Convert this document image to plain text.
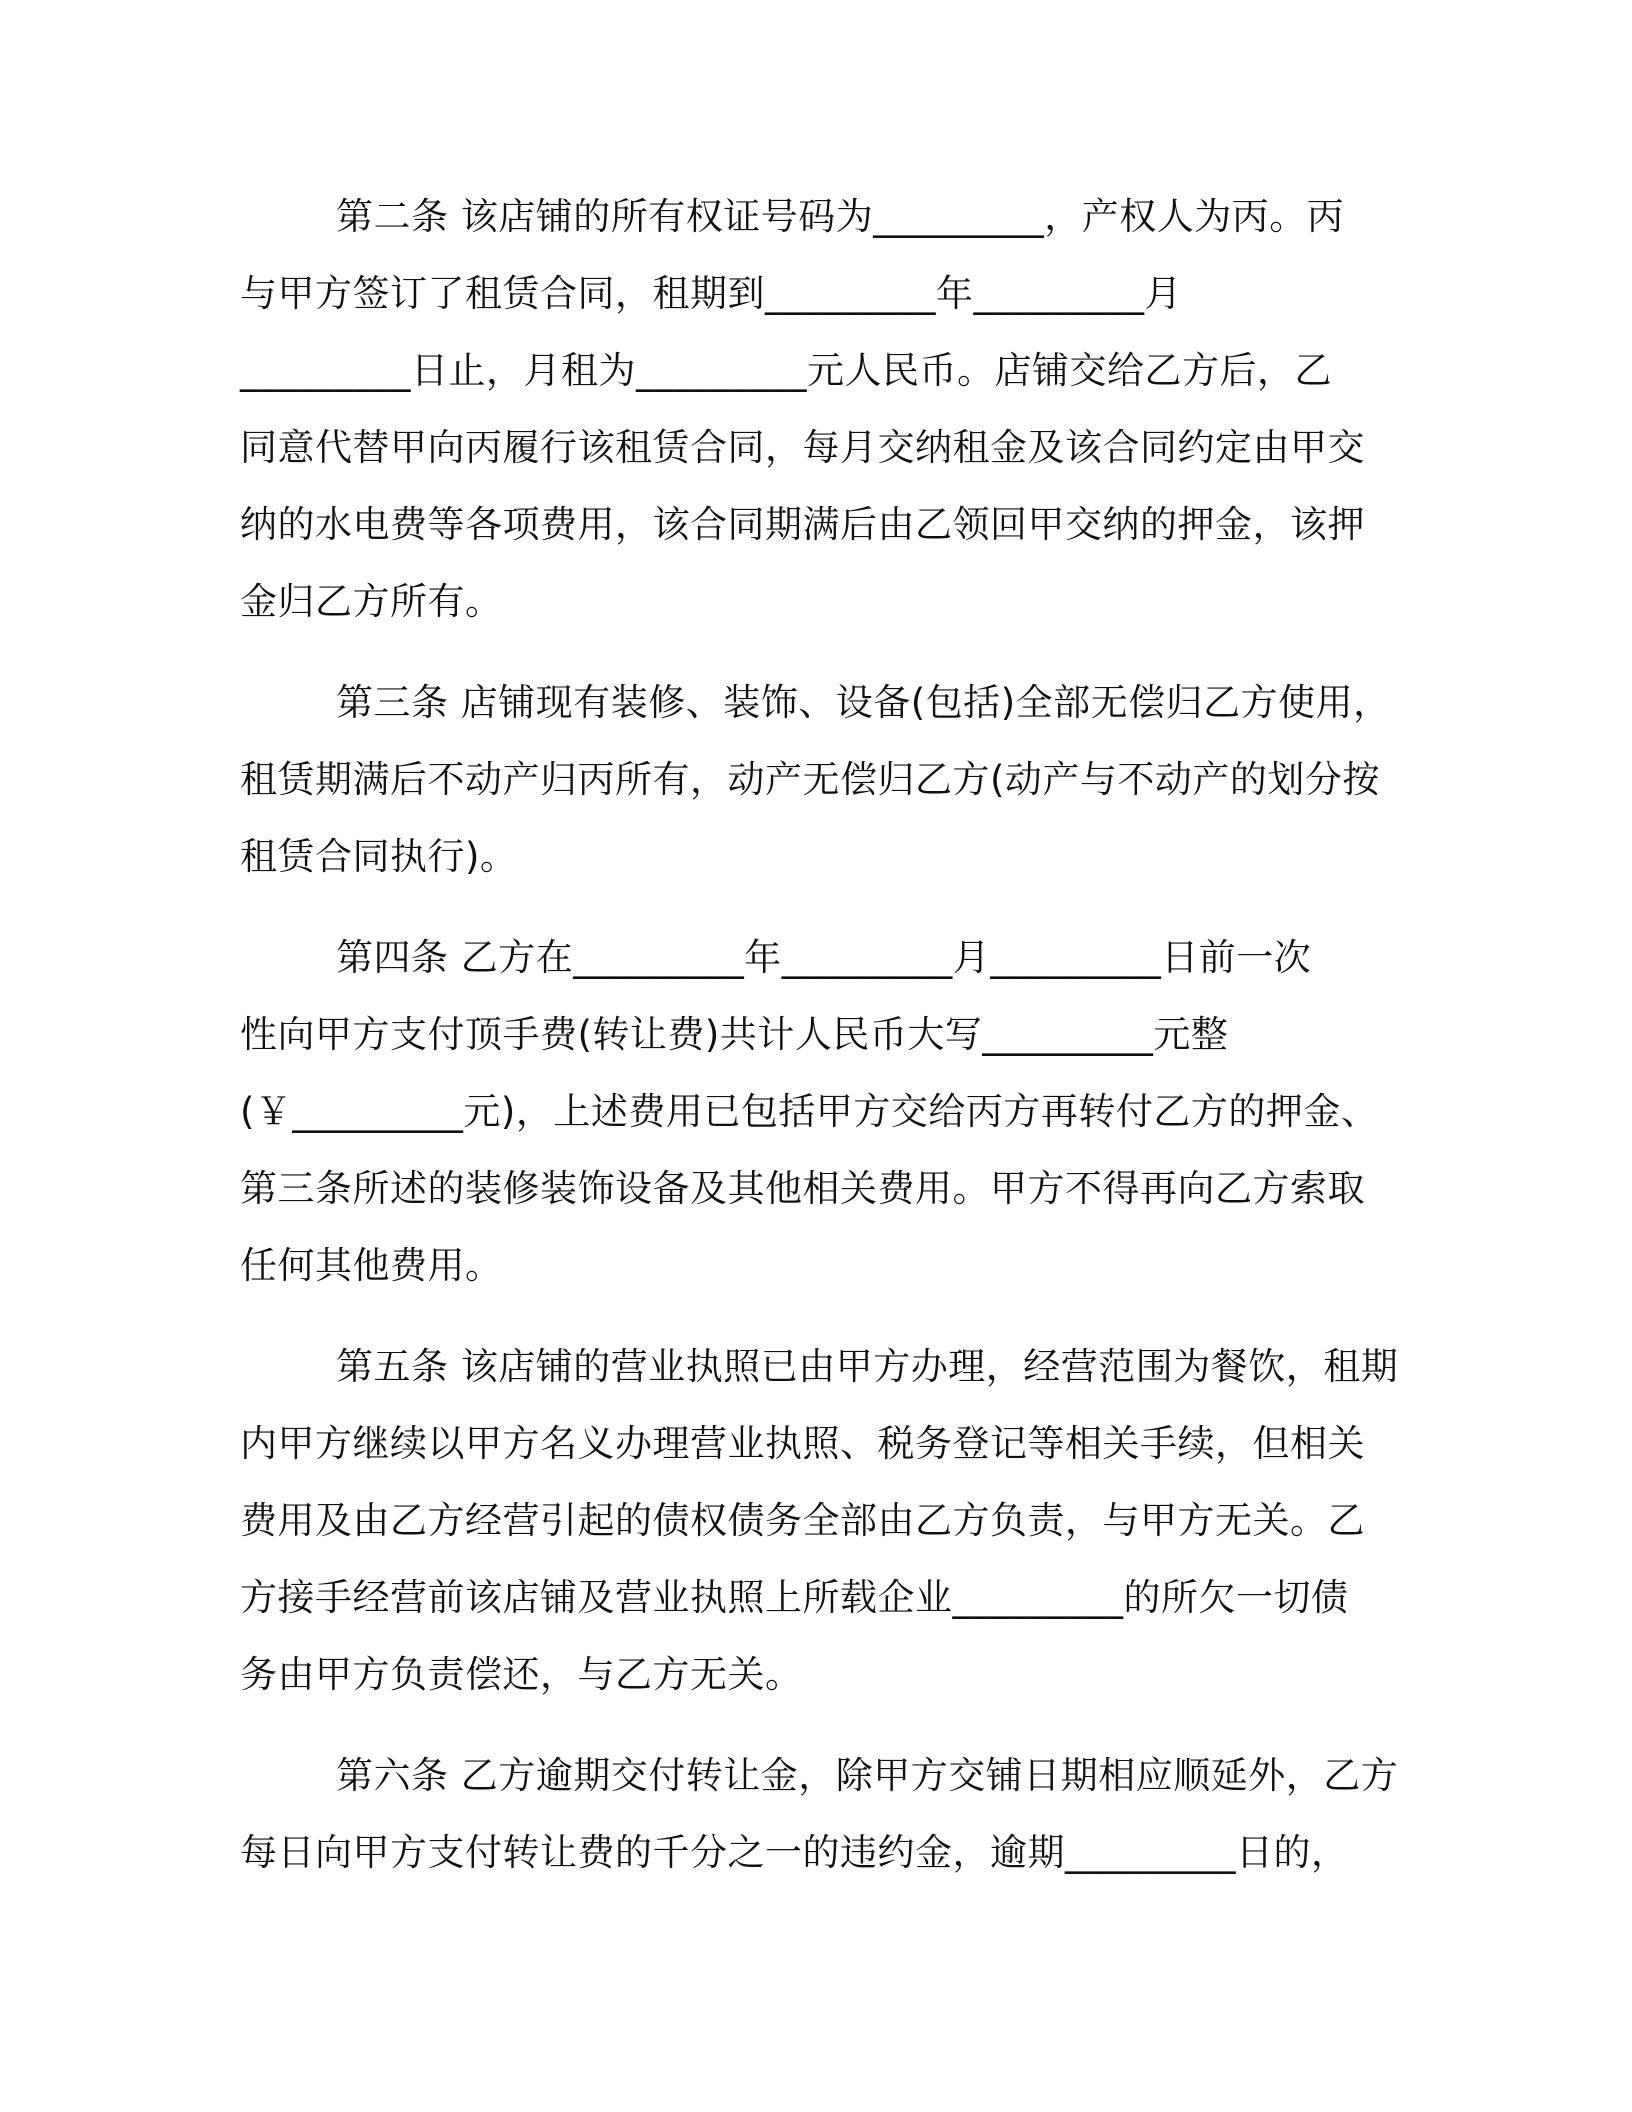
第二条 该店铺的所有权证号码为_________，产权人为丙。丙
与甲方签订了租赁合同，租期到_________年_________月
_________日止，月租为_________元人民币。店铺交给乙方后，乙
同意代替甲向丙履行该租赁合同，每月交纳租金及该合同约定由甲交
纳的水电费等各项费用，该合同期满后由乙领回甲交纳的押金，该押
金归乙方所有。
第三条 店铺现有装修、装饰、设备(包括)全部无偿归乙方使用，
租赁期满后不动产归丙所有，动产无偿归乙方(动产与不动产的划分按
租赁合同执行)。
第四条 乙方在_________年_________月_________日前一次
性向甲方支付顶手费(转让费)共计人民币大写_________元整
(￥_________元)，上述费用已包括甲方交给丙方再转付乙方的押金、
第三条所述的装修装饰设备及其他相关费用。甲方不得再向乙方索取
任何其他费用。
第五条 该店铺的营业执照已由甲方办理，经营范围为餐饮，租期
内甲方继续以甲方名义办理营业执照、税务登记等相关手续，但相关
费用及由乙方经营引起的债权债务全部由乙方负责，与甲方无关。乙
方接手经营前该店铺及营业执照上所载企业_________的所欠一切债
务由甲方负责偿还，与乙方无关。
第六条 乙方逾期交付转让金，除甲方交铺日期相应顺延外，乙方
每日向甲方支付转让费的千分之一的违约金，逾期_________日的，
